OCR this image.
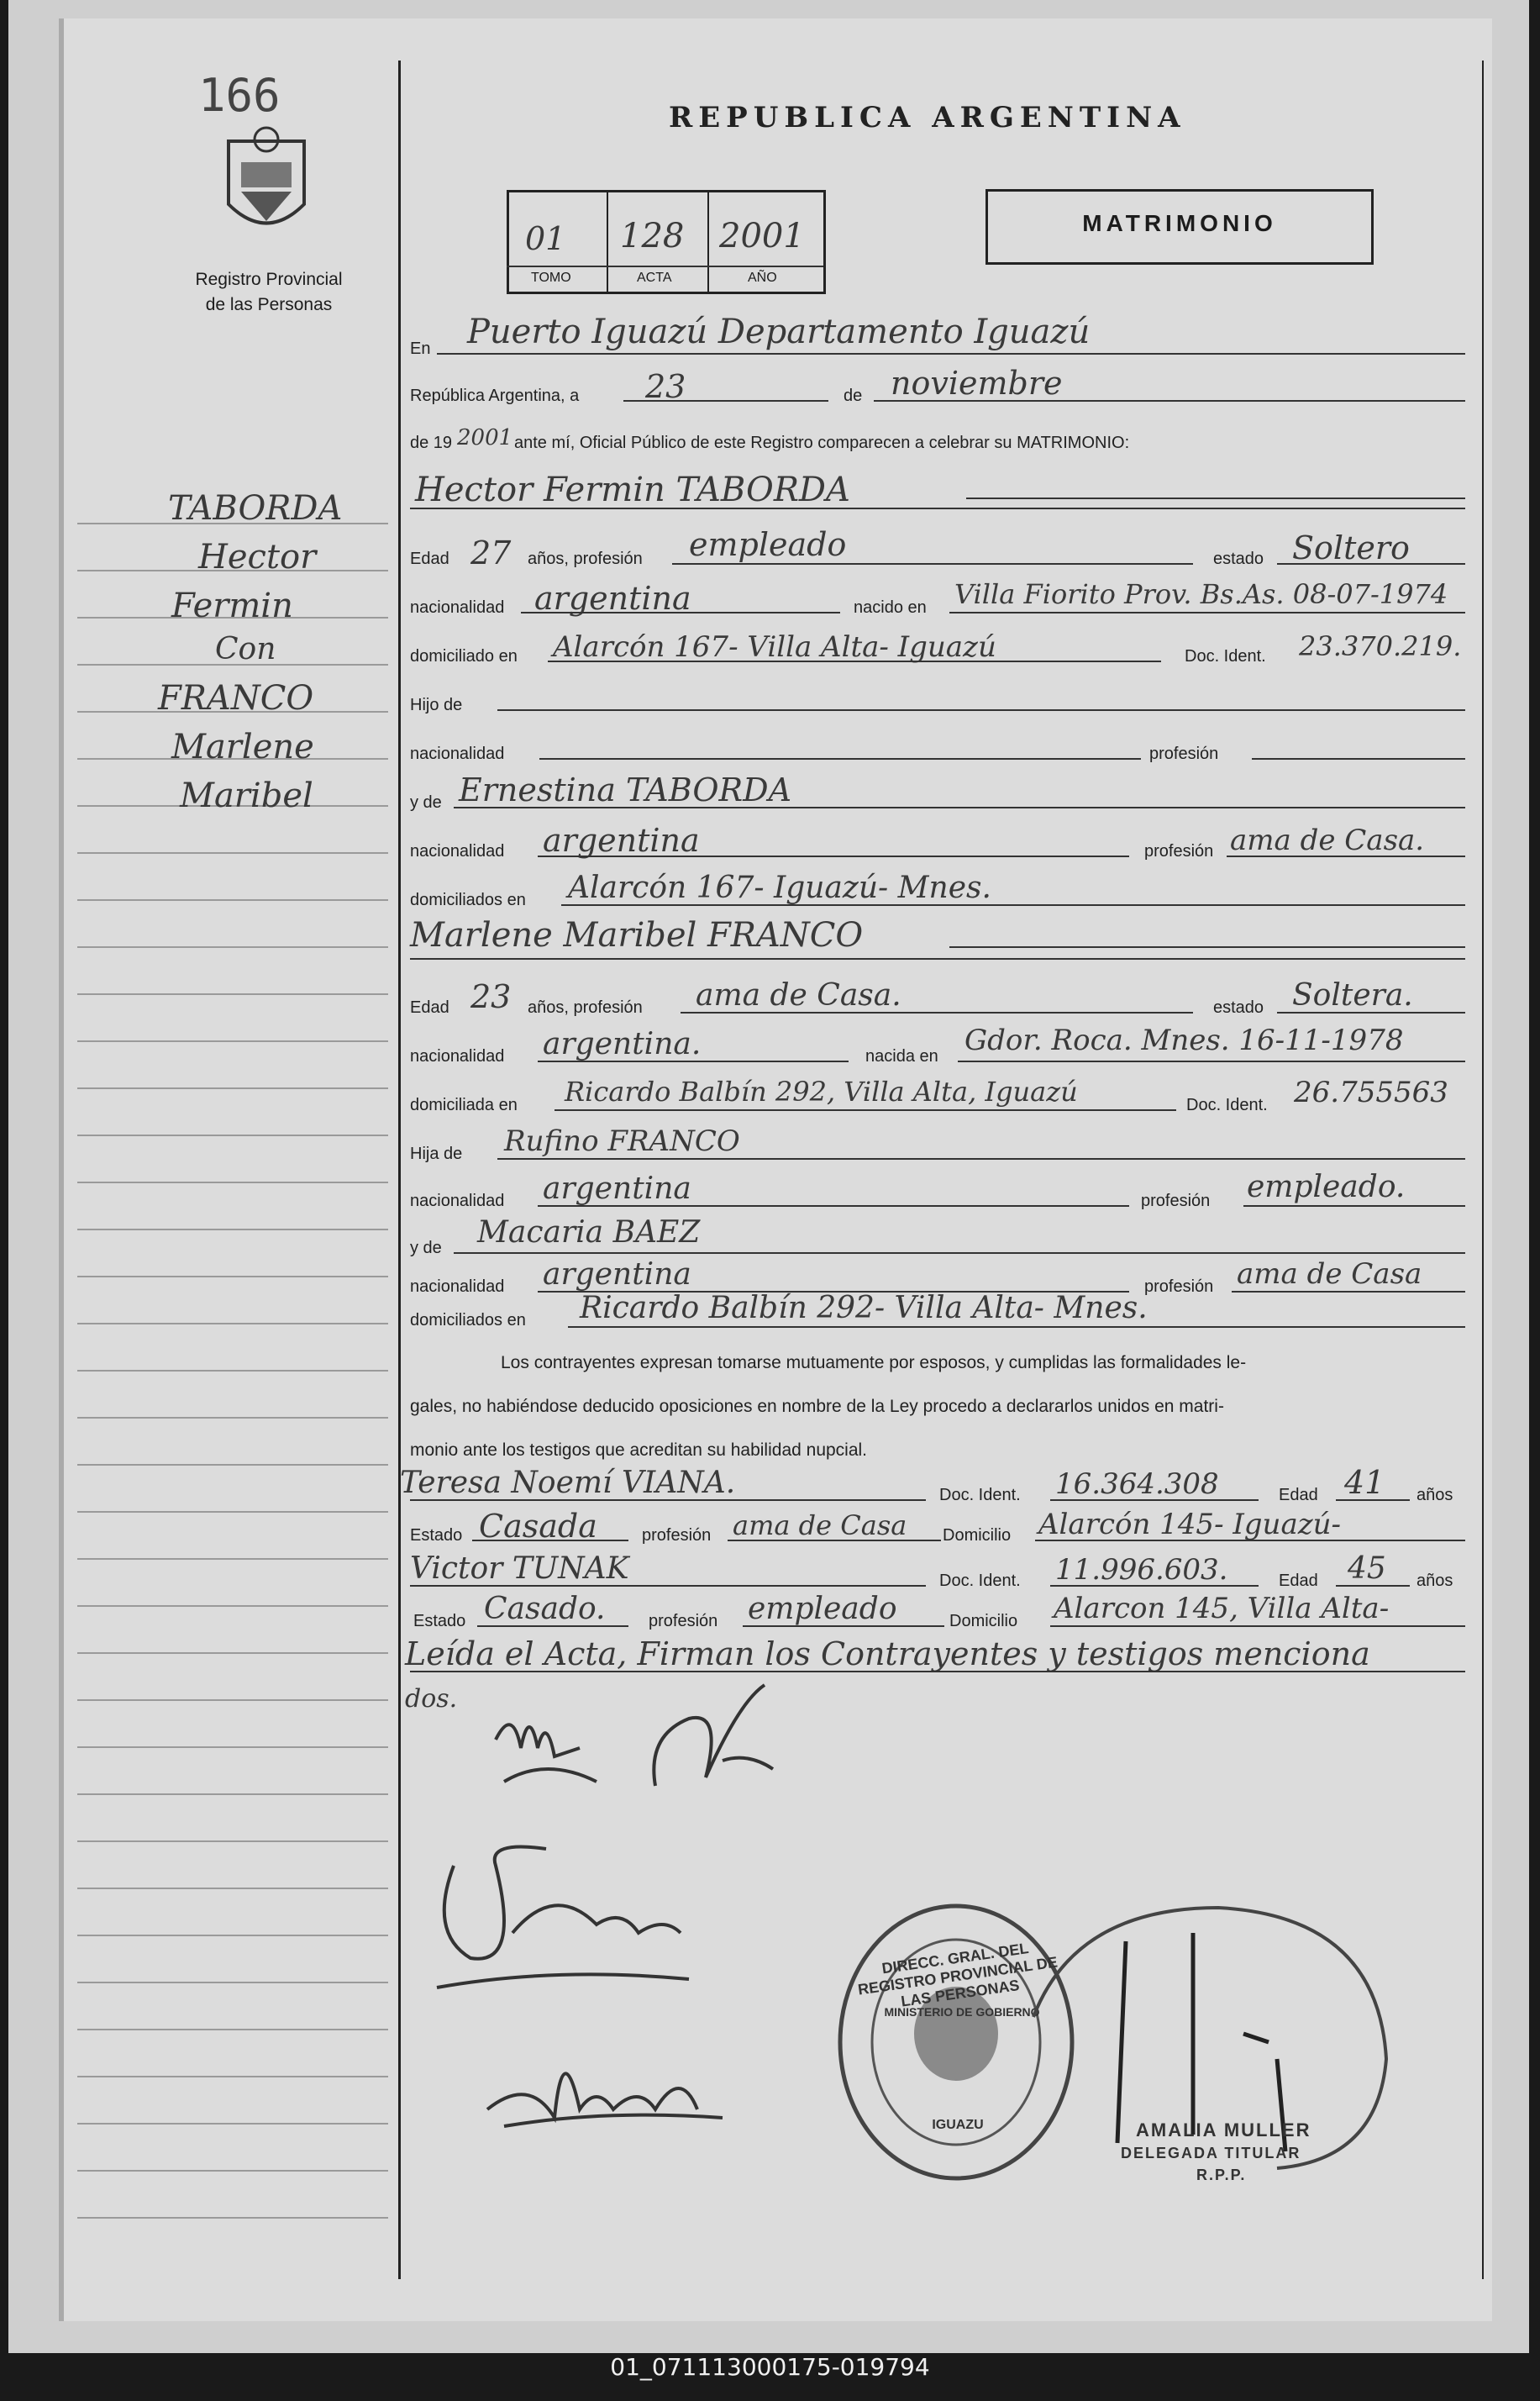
166
Registro Provincial
de las Personas
REPUBLICA ARGENTINA
01 128 2001
TOMO	ACTA	AÑO
MATRIMONIO
TABORDA
Hector
Fermin
Con
FRANCO
Marlene
Maribel
En Puerto Iguazú Departamento Iguazú
República Argentina, a 23	de noviembre
de 19 2001 ante mí, Oficial Público de este Registro comparecen a celebrar su MATRIMONIO:
Hector Fermin TABORDA
Edad 27 años, profesión empleado	estado Soltero
nacionalidad argentina	nacido en Villa Fiorito Prov. Bs.As. 08-07-1974
domiciliado en Alarcón 167- Villa Alta- Iguazú	Doc. Ident. 23.370.219.
Hijo de
nacionalidad	profesión
y de Ernestina TABORDA
nacionalidad argentina	profesión ama de Casa.
domiciliados en Alarcón 167- Iguazú- Mnes.
Marlene Maribel FRANCO
Edad 23 años, profesión ama de Casa.	estado Soltera.
nacionalidad argentina.	nacida en Gdor. Roca. Mnes. 16-11-1978
domiciliada en Ricardo Balbín 292, Villa Alta, Iguazú	Doc. Ident. 26.755563
Hija de Rufino FRANCO
nacionalidad argentina	profesión empleado.
y de Macaria BAEZ
nacionalidad argentina	profesión ama de Casa
domiciliados en Ricardo Balbín 292- Villa Alta- Mnes.
Los contrayentes expresan tomarse mutuamente por esposos, y cumplidas las formalidades le-
gales, no habiéndose deducido oposiciones en nombre de la Ley procedo a declararlos unidos en matri-
monio ante los testigos que acreditan su habilidad nupcial.
Teresa Noemí VIANA.	Doc. Ident. 16.364.308	Edad 41 años
Estado Casada	profesión ama de Casa Domicilio Alarcón 145- Iguazú-
Victor TUNAK	Doc. Ident. 11.996.603.	Edad 45 años
Estado Casado.	profesión empleado	Domicilio Alarcon 145, Villa Alta-
Leída el Acta, Firman los Contrayentes y testigos menciona
dos.
DIRECC. GRAL. DEL REGISTRO PROVINCIAL DE LAS PERSONAS
MINISTERIO DE GOBIERNO
IGUAZU	AMALIA MULLER
DELEGADA TITULAR
R.P.P.
01_071113000175-019794
